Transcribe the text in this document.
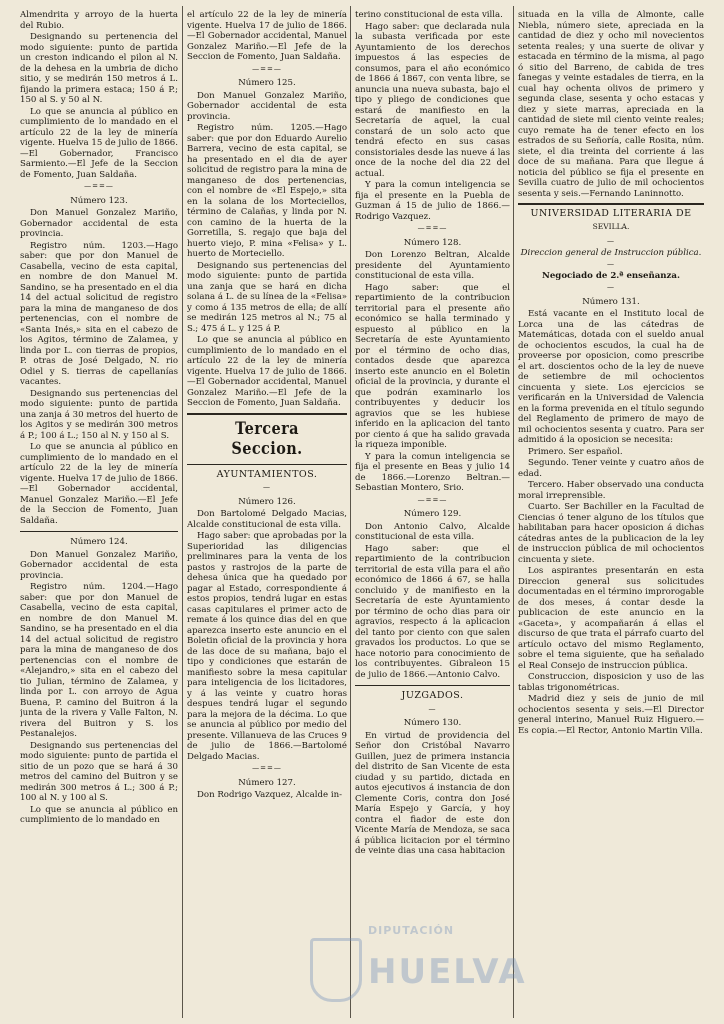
Almendrita y arroyo de la huerta del Rubio.

Designando su pertenencia del modo siguiente: punto de partida un creston indicando el pilon al N. de la dehesa en la umbria de dicho sitio, y se medirán 150 metros á L. fijando la primera estaca; 150 á P.; 150 al S. y 50 al N.

Lo que se anuncia al público en cumplimiento de lo mandado en el artículo 22 de la ley de minería vigente. Huelva 15 de julio de 1866.—El Gobernador, Francisco Sarmiento.—El Jefe de la Seccion de Fomento, Juan Saldaña.

—==—
Número 123.

Don Manuel Gonzalez Mariño, Gobernador accidental de esta provincia.

Registro núm. 1203.—Hago saber: que por don Manuel de Casabella, vecino de esta capital, en nombre de don Manuel M. Sandino, se ha presentado en el dia 14 del actual solicitud de registro para la mina de manganeso de dos pertenencias, con el nombre de «Santa Inés,» sita en el cabezo de los Agitos, término de Zalamea, y linda por L. con tierras de propios, P. otras de José Delgado, N. rio Odiel y S. tierras de capellanías vacantes.

Designando sus pertenencias del modo siguiente: punto de partida una zanja á 30 metros del huerto de los Agitos y se medirán 300 metros á P.; 100 á L.; 150 al N. y 150 al S.

Lo que se anuncia al público en cumplimiento de lo mandado en el artículo 22 de la ley de minería vigente. Huelva 17 de julio de 1866.—El Gobernador accidental, Manuel Gonzalez Mariño.—El Jefe de la Seccion de Fomento, Juan Saldaña.

Número 124.

Don Manuel Gonzalez Mariño, Gobernador accidental de esta provincia.

Registro núm. 1204.—Hago saber: que por don Manuel de Casabella, vecino de esta capital, en nombre de don Manuel M. Sandino, se ha presentado en el dia 14 del actual solicitud de registro para la mina de manganeso de dos pertenencias con el nombre de «Alejandro,» sita en el cabezo del tio Julian, término de Zalamea, y linda por L. con arroyo de Agua Buena, P. camino del Buitron á la junta de la rivera y Valle Falton, N. rivera del Buitron y S. los Pestanalejos.

Designando sus pertenencias del modo siguiente: punto de partida el sitio de un pozo que se hará á 30 metros del camino del Buitron y se medirán 300 metros á L.; 300 á P.; 100 al N. y 100 al S.

Lo que se anuncia al público en cumplimiento de lo mandado en

el artículo 22 de la ley de minería vigente. Huelva 17 de julio de 1866.—El Gobernador accidental, Manuel Gonzalez Mariño.—El Jefe de la Seccion de Fomento, Juan Saldaña.

—==—
Número 125.

Don Manuel Gonzalez Mariño, Gobernador accidental de esta provincia.

Registro núm. 1205.—Hago saber: que por don Eduardo Aurelio Barrera, vecino de esta capital, se ha presentado en el dia de ayer solicitud de registro para la mina de manganeso de dos pertenencias, con el nombre de «El Espejo,» sita en la solana de los Morteciellos, término de Calañas, y linda por N. con camino de la huerta de la Gorretilla, S. regajo que baja del huerto viejo, P. mina «Felisa» y L. huerto de Morteciello.

Designando sus pertenencias del modo siguiente: punto de partida una zanja que se hará en dicha solana á L. de su línea de la «Felisa» y como á 135 metros de ella; de allí se medirán 125 metros al N.; 75 al S.; 475 á L. y 125 á P.

Lo que se anuncia al público en cumplimiento de lo mandado en el artículo 22 de la ley de minería vigente. Huelva 17 de julio de 1866.—El Gobernador accidental, Manuel Gonzalez Mariño.—El Jefe de la Seccion de Fomento, Juan Saldaña.

Tercera Seccion.
AYUNTAMIENTOS.
—
Número 126.

Don Bartolomé Delgado Macias, Alcalde constitucional de esta villa.

Hago saber: que aprobadas por la Superioridad las diligencias preliminares para la venta de los pastos y rastrojos de la parte de dehesa única que ha quedado por pagar al Estado, correspondiente á estos propios, tendrá lugar en estas casas capitulares el primer acto de remate á los quince dias del en que aparezca inserto este anuncio en el Boletin oficial de la provincia y hora de las doce de su mañana, bajo el tipo y condiciones que estarán de manifiesto sobre la mesa capitular para inteligencia de los licitadores, y á las veinte y cuatro horas despues tendrá lugar el segundo para la mejora de la décima. Lo que se anuncia al público por medio del presente. Villanueva de las Cruces 9 de julio de 1866.—Bartolomé Delgado Macias.

—==—
Número 127.

Don Rodrigo Vazquez, Alcalde in-

terino constitucional de esta villa.

Hago saber: que declarada nula la subasta verificada por este Ayuntamiento de los derechos impuestos á las especies de consumos, para el año económico de 1866 á 1867, con venta libre, se anuncia una nueva subasta, bajo el tipo y pliego de condiciones que estará de manifiesto en la Secretaría de aquel, la cual constará de un solo acto que tendrá efecto en sus casas consistoriales desde las nueve á las once de la noche del dia 22 del actual.

Y para la comun inteligencia se fija el presente en la Puebla de Guzman á 15 de julio de 1866.—Rodrigo Vazquez.

—==—
Número 128.

Don Lorenzo Beltran, Alcalde presidente del Ayuntamiento constitucional de esta villa.

Hago saber: que el repartimiento de la contribucion territorial para el presente año económico se halla terminado y espuesto al público en la Secretaría de este Ayuntamiento por el término de ocho dias, contados desde que aparezca inserto este anuncio en el Boletin oficial de la provincia, y durante el que podrán examinarlo los contribuyentes y deducir los agravios que se les hubiese inferido en la aplicacion del tanto por ciento á que ha salido gravada la riqueza imponible.

Y para la comun inteligencia se fija el presente en Beas y julio 14 de 1866.—Lorenzo Beltran.—Sebastian Montero, Srio.

—==—
Número 129.

Don Antonio Calvo, Alcalde constitucional de esta villa.

Hago saber: que el repartimiento de la contribucion territorial de esta villa para el año económico de 1866 á 67, se halla concluido y de manifiesto en la Secretaría de este Ayuntamiento por término de ocho dias para oir agravios, respecto á la aplicacion del tanto por ciento con que salen gravados los productos. Lo que se hace notorio para conocimiento de los contribuyentes. Gibraleon 15 de julio de 1866.—Antonio Calvo.

JUZGADOS.
—
Número 130.

En virtud de providencia del Señor don Cristóbal Navarro Guillen, juez de primera instancia del distrito de San Vicente de esta ciudad y su partido, dictada en autos ejecutivos á instancia de don Clemente Coris, contra don José María Espejo y García, y hoy contra el fiador de este don Vicente María de Mendoza, se saca á pública licitacion por el término de veinte dias una casa habitacion

situada en la villa de Almonte, calle Niebla, número siete, apreciada en la cantidad de diez y ocho mil novecientos setenta reales; y una suerte de olivar y estacada en término de la misma, al pago ó sitio del Barreno, de cabida de tres fanegas y veinte estadales de tierra, en la cual hay ochenta olivos de primero y segunda clase, sesenta y ocho estacas y diez y siete marras, apreciada en la cantidad de siete mil ciento veinte reales; cuyo remate ha de tener efecto en los estrados de su Señoría, calle Rosita, núm. siete, el dia treinta del corriente á las doce de su mañana. Para que llegue á noticia del público se fija el presente en Sevilla cuatro de julio de mil ochocientos sesenta y seis.—Fernando Laninnotto.

UNIVERSIDAD LITERARIA DE
SEVILLA.
—
Direccion general de Instruccion pública.
—
Negociado de 2.ª enseñanza.
—
Número 131.

Está vacante en el Instituto local de Lorca una de las cátedras de Matemáticas, dotada con el sueldo anual de ochocientos escudos, la cual ha de proveerse por oposicion, como prescribe el art. doscientos ocho de la ley de nueve de setiembre de mil ochocientos cincuenta y siete. Los ejercicios se verificarán en la Universidad de Valencia en la forma prevenida en el título segundo del Reglamento de primero de mayo de mil ochocientos sesenta y cuatro. Para ser admitido á la oposicion se necesita:

Primero. Ser español.

Segundo. Tener veinte y cuatro años de edad.

Tercero. Haber observado una conducta moral irreprensible.

Cuarto. Ser Bachiller en la Facultad de Ciencias ó tener alguno de los títulos que habilitaban para hacer oposicion á dichas cátedras antes de la publicacion de la ley de instruccion pública de mil ochocientos cincuenta y siete.

Los aspirantes presentarán en esta Direccion general sus solicitudes documentadas en el término improrogable de dos meses, á contar desde la publicacion de este anuncio en la «Gaceta», y acompañarán á ellas el discurso de que trata el párrafo cuarto del artículo octavo del mismo Reglamento, sobre el tema siguiente, que ha señalado el Real Consejo de instruccion pública.

Construccion, disposicion y uso de las tablas trigonométricas.

Madrid diez y seis de junio de mil ochocientos sesenta y seis.—El Director general interino, Manuel Ruiz Higuero.—Es copia.—El Rector, Antonio Martin Villa.

DIPUTACIÓN
HUELVA
